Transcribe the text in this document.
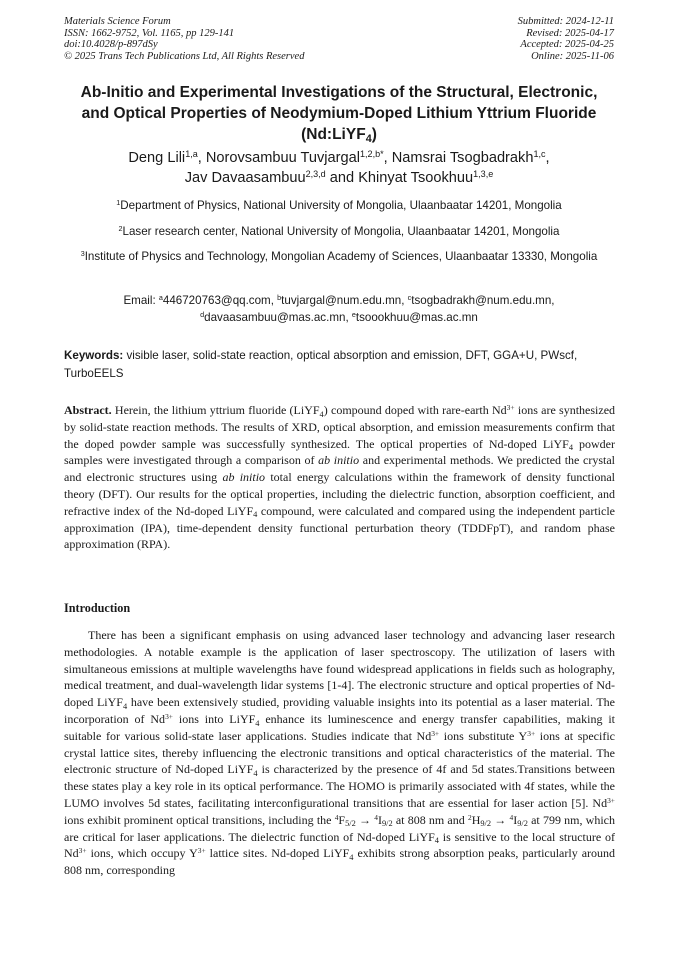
Materials Science Forum
ISSN: 1662-9752, Vol. 1165, pp 129-141
doi:10.4028/p-897dSy
© 2025 Trans Tech Publications Ltd, All Rights Reserved
Submitted: 2024-12-11
Revised: 2025-04-17
Accepted: 2025-04-25
Online: 2025-11-06
Ab-Initio and Experimental Investigations of the Structural, Electronic,
and Optical Properties of Neodymium-Doped Lithium Yttrium Fluoride
(Nd:LiYF$_4$)
Deng Lili$^{1,a}$, Norovsambuu Tuvjargal$^{1,2,b*}$, Namsrai Tsogbadrakh$^{1,c}$,
Jav Davaasambuu$^{2,3,d}$ and Khinyat Tsookhuu$^{1,3,e}$
$^1$Department of Physics, National University of Mongolia, Ulaanbaatar 14201, Mongolia
$^2$Laser research center, National University of Mongolia, Ulaanbaatar 14201, Mongolia
$^3$Institute of Physics and Technology, Mongolian Academy of Sciences, Ulaanbaatar 13330, Mongolia
Email: $^a$446720763@qq.com, $^b$tuvjargal@num.edu.mn, $^c$tsogbadrakh@num.edu.mn,
$^d$davaasambuu@mas.ac.mn, $^e$tsoookhuu@mas.ac.mn
Keywords: visible laser, solid-state reaction, optical absorption and emission, DFT, GGA+U, PWscf, TurboEELS
Abstract. Herein, the lithium yttrium fluoride (LiYF$_4$) compound doped with rare-earth $Nd^{3+}$ ions are synthesized by solid-state reaction methods. The results of XRD, optical absorption, and emission measurements confirm that the doped powder sample was successfully synthesized. The optical properties of Nd-doped LiYF$_4$ powder samples were investigated through a comparison of ab initio and experimental methods. We predicted the crystal and electronic structures using ab initio total energy calculations within the framework of density functional theory (DFT). Our results for the optical properties, including the dielectric function, absorption coefficient, and refractive index of the Nd-doped LiYF$_4$ compound, were calculated and compared using the independent particle approximation (IPA), time-dependent density functional perturbation theory (TDDFpT), and random phase approximation (RPA).
Introduction
There has been a significant emphasis on using advanced laser technology and advancing laser research methodologies. A notable example is the application of laser spectroscopy. The utilization of lasers with simultaneous emissions at multiple wavelengths have found widespread applications in fields such as holography, medical treatment, and dual-wavelength lidar systems [1-4]. The electronic structure and optical properties of Nd-doped LiYF$_4$ have been extensively studied, providing valuable insights into its potential as a laser material. The incorporation of $Nd^{3+}$ ions into LiYF$_4$ enhance its luminescence and energy transfer capabilities, making it suitable for various solid-state laser applications. Studies indicate that $Nd^{3+}$ ions substitute $Y^{3+}$ ions at specific crystal lattice sites, thereby influencing the electronic transitions and optical characteristics of the material. The electronic structure of Nd-doped LiYF$_4$ is characterized by the presence of 4f and 5d states.Transitions between these states play a key role in its optical performance. The HOMO is primarily associated with 4f states, while the LUMO involves 5d states, facilitating interconfigurational transitions that are essential for laser action [5]. $Nd^{3+}$ ions exhibit prominent optical transitions, including the $^4F_{5/2} \to ^4I_{9/2}$ at 808 nm and $^2H_{9/2} \to ^4I_{9/2}$ at 799 nm, which are critical for laser applications. The dielectric function of Nd-doped LiYF$_4$ is sensitive to the local structure of $Nd^{3+}$ ions, which occupy $Y^{3+}$ lattice sites. Nd-doped LiYF$_4$ exhibits strong absorption peaks, particularly around 808 nm, corresponding
